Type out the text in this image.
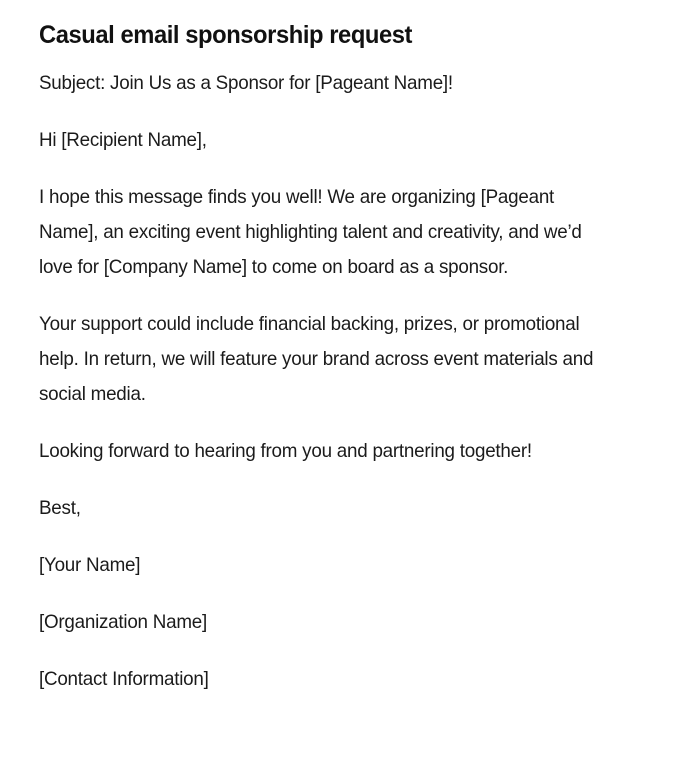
Casual email sponsorship request

Subject: Join Us as a Sponsor for [Pageant Name]!

Hi [Recipient Name],

I hope this message finds you well! We are organizing [Pageant Name], an exciting event highlighting talent and creativity, and we’d love for [Company Name] to come on board as a sponsor.

Your support could include financial backing, prizes, or promotional help. In return, we will feature your brand across event materials and social media.

Looking forward to hearing from you and partnering together!

Best,

[Your Name]

[Organization Name]

[Contact Information]
